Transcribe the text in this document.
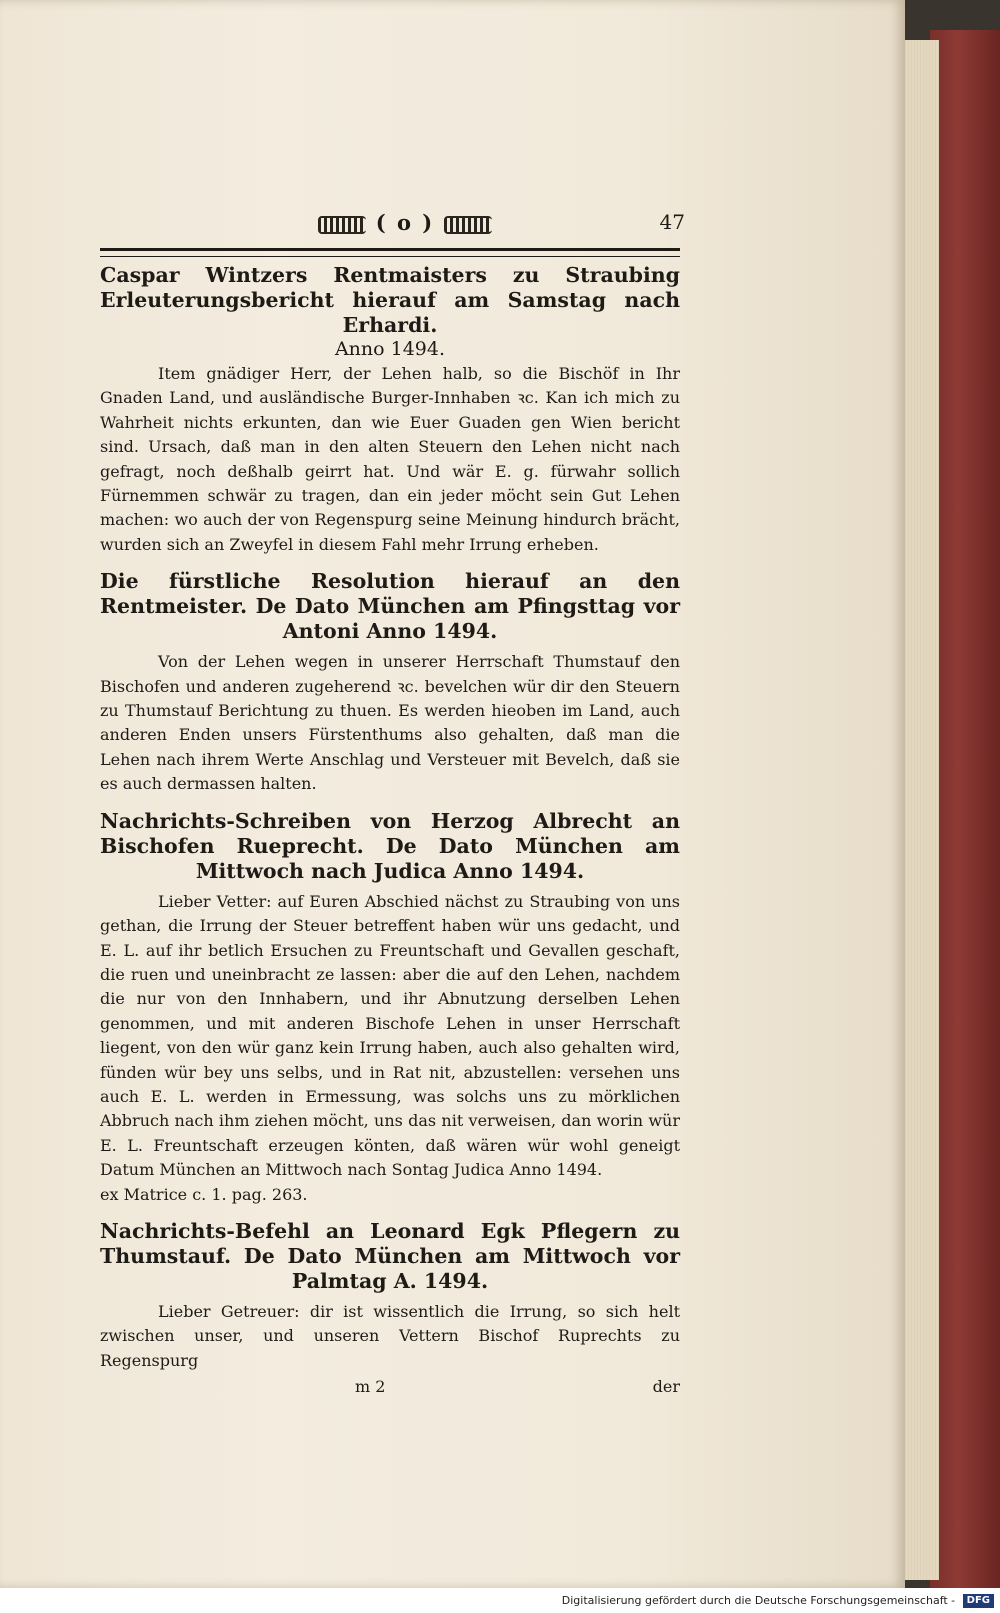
( o )	47
Caspar Wintzers Rentmaisters zu Straubing Erleuterungsbericht hierauf am Samstag nach Erhardi.
Anno 1494.

Item gnädiger Herr, der Lehen halb, so die Bischöf in Ihr Gnaden Land, und ausländische Burger-Innhaben ꝛc. Kan ich mich zu Wahrheit nichts erkunten, dan wie Euer Guaden gen Wien bericht sind. Ursach, daß man in den alten Steuern den Lehen nicht nach gefragt, noch deßhalb geirrt hat. Und wär E. g. fürwahr sollich Fürnemmen schwär zu tragen, dan ein jeder möcht sein Gut Lehen machen: wo auch der von Regenspurg seine Meinung hindurch brächt, wurden sich an Zweyfel in diesem Fahl mehr Irrung erheben.

Die fürstliche Resolution hierauf an den Rentmeister. De Dato München am Pfingsttag vor Antoni Anno 1494.

Von der Lehen wegen in unserer Herrschaft Thumstauf den Bischofen und anderen zugeherend ꝛc. bevelchen wür dir den Steuern zu Thumstauf Berichtung zu thuen. Es werden hieoben im Land, auch anderen Enden unsers Fürstenthums also gehalten, daß man die Lehen nach ihrem Werte Anschlag und Versteuer mit Bevelch, daß sie es auch dermassen halten.

Nachrichts-Schreiben von Herzog Albrecht an Bischofen Rueprecht. De Dato München am Mittwoch nach Judica Anno 1494.

Lieber Vetter: auf Euren Abschied nächst zu Straubing von uns gethan, die Irrung der Steuer betreffent haben wür uns gedacht, und E. L. auf ihr betlich Ersuchen zu Freuntschaft und Gevallen geschaft, die ruen und uneinbracht ze lassen: aber die auf den Lehen, nachdem die nur von den Innhabern, und ihr Abnutzung derselben Lehen genommen, und mit anderen Bischofe Lehen in unser Herrschaft liegent, von den wür ganz kein Irrung haben, auch also gehalten wird, fünden wür bey uns selbs, und in Rat nit, abzustellen: versehen uns auch E. L. werden in Ermessung, was solchs uns zu mörklichen Abbruch nach ihm ziehen möcht, uns das nit verweisen, dan worin wür E. L. Freuntschaft erzeugen könten, daß wären wür wohl geneigt Datum München an Mittwoch nach Sontag Judica Anno 1494.

ex Matrice c. 1. pag. 263.

Nachrichts-Befehl an Leonard Egk Pflegern zu Thumstauf. De Dato München am Mittwoch vor Palmtag A. 1494.

Lieber Getreuer: dir ist wissentlich die Irrung, so sich helt zwischen unser, und unseren Vettern Bischof Ruprechts zu Regenspurg

m 2	der
Digitalisierung gefördert durch die Deutsche Forschungsgemeinschaft - DFG
